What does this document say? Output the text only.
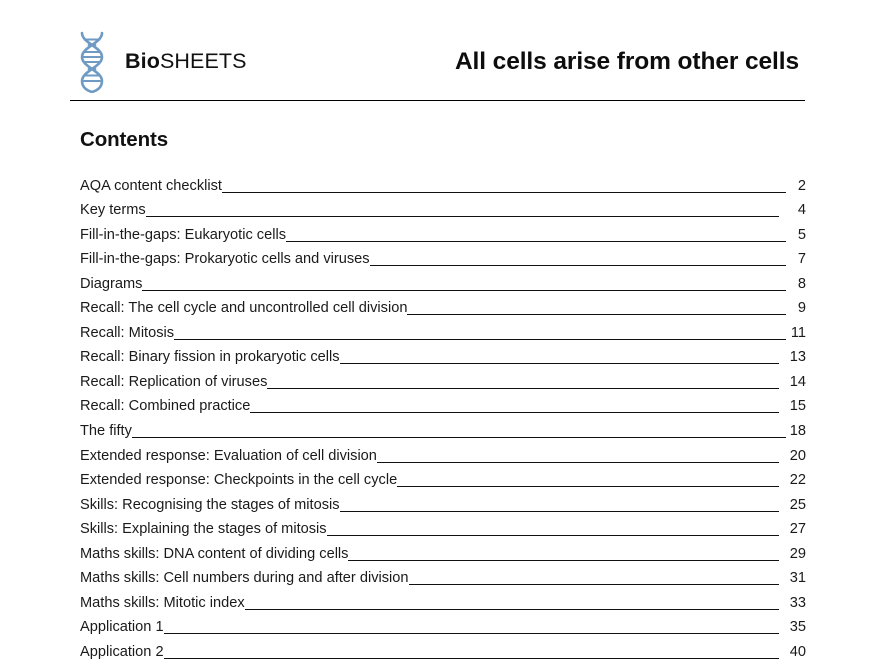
BioSHEETS	All cells arise from other cells
Contents
AQA content checklist	2
Key terms	4
Fill-in-the-gaps: Eukaryotic cells	5
Fill-in-the-gaps: Prokaryotic cells and viruses	7
Diagrams	8
Recall: The cell cycle and uncontrolled cell division	9
Recall: Mitosis	11
Recall: Binary fission in prokaryotic cells	13
Recall: Replication of viruses	14
Recall: Combined practice	15
The fifty	18
Extended response: Evaluation of cell division	20
Extended response: Checkpoints in the cell cycle	22
Skills: Recognising the stages of mitosis	25
Skills: Explaining the stages of mitosis	27
Maths skills: DNA content of dividing cells	29
Maths skills: Cell numbers during and after division	31
Maths skills: Mitotic index	33
Application 1	35
Application 2	40
